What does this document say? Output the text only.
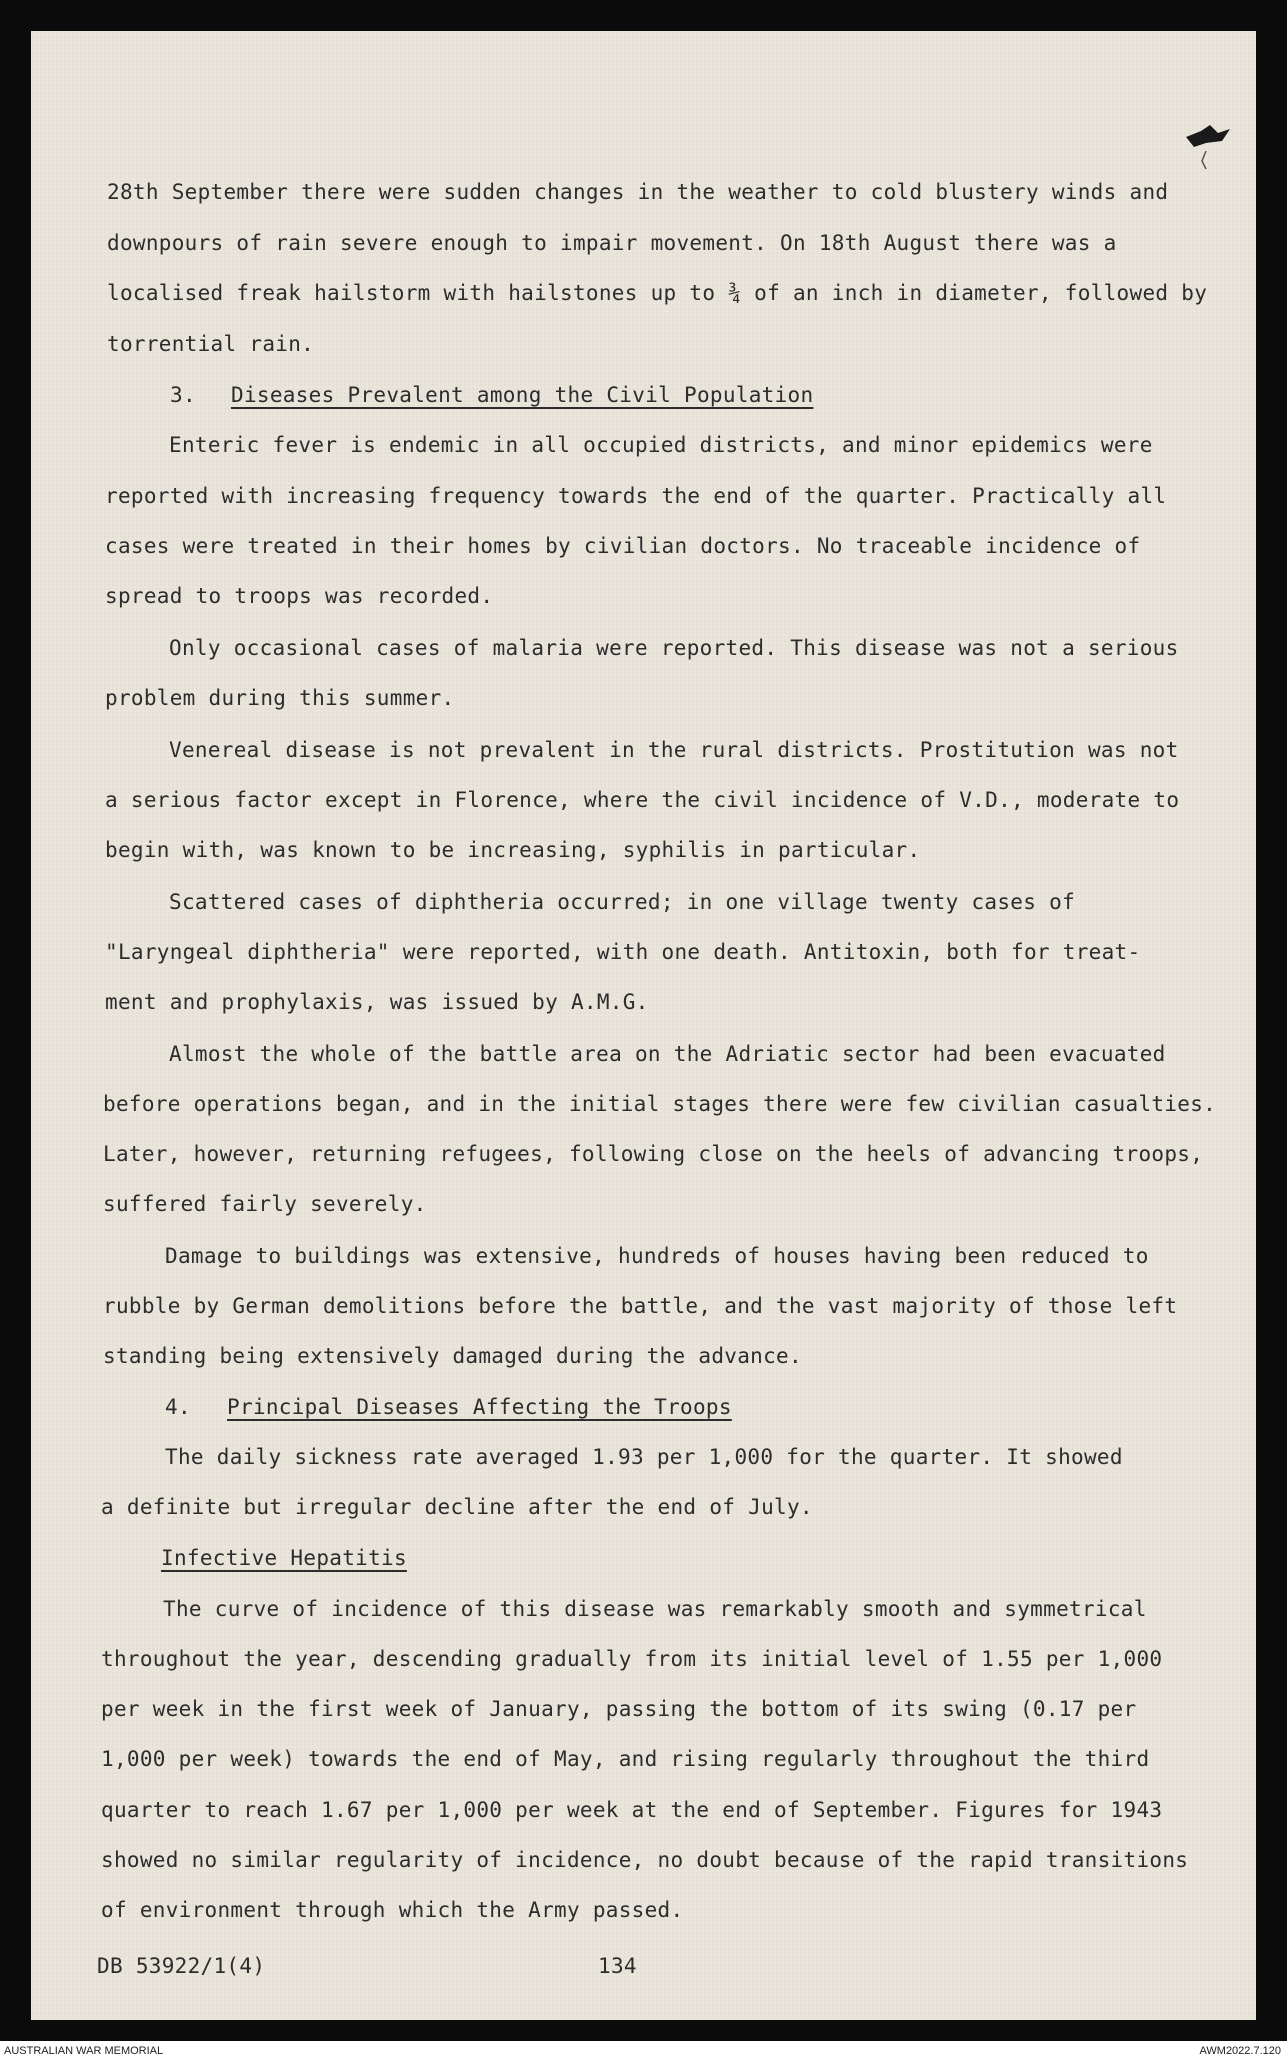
28th September there were sudden changes in the weather to cold blustery winds and
downpours of rain severe enough to impair movement. On 18th August there was a
localised freak hailstorm with hailstones up to ¾ of an inch in diameter, followed by
torrential rain.
3. Diseases Prevalent among the Civil Population
Enteric fever is endemic in all occupied districts, and minor epidemics were
reported with increasing frequency towards the end of the quarter. Practically all
cases were treated in their homes by civilian doctors. No traceable incidence of
spread to troops was recorded.
Only occasional cases of malaria were reported. This disease was not a serious
problem during this summer.
Venereal disease is not prevalent in the rural districts. Prostitution was not
a serious factor except in Florence, where the civil incidence of V.D., moderate to
begin with, was known to be increasing, syphilis in particular.
Scattered cases of diphtheria occurred; in one village twenty cases of
"Laryngeal diphtheria" were reported, with one death. Antitoxin, both for treat-
ment and prophylaxis, was issued by A.M.G.
Almost the whole of the battle area on the Adriatic sector had been evacuated
before operations began, and in the initial stages there were few civilian casualties.
Later, however, returning refugees, following close on the heels of advancing troops,
suffered fairly severely.
Damage to buildings was extensive, hundreds of houses having been reduced to
rubble by German demolitions before the battle, and the vast majority of those left
standing being extensively damaged during the advance.
4. Principal Diseases Affecting the Troops
The daily sickness rate averaged 1.93 per 1,000 for the quarter. It showed
a definite but irregular decline after the end of July.
Infective Hepatitis
The curve of incidence of this disease was remarkably smooth and symmetrical
throughout the year, descending gradually from its initial level of 1.55 per 1,000
per week in the first week of January, passing the bottom of its swing (0.17 per
1,000 per week) towards the end of May, and rising regularly throughout the third
quarter to reach 1.67 per 1,000 per week at the end of September. Figures for 1943
showed no similar regularity of incidence, no doubt because of the rapid transitions
of environment through which the Army passed.
DB 53922/1(4)	134
AUSTRALIAN WAR MEMORIAL	AWM2022.7.120
